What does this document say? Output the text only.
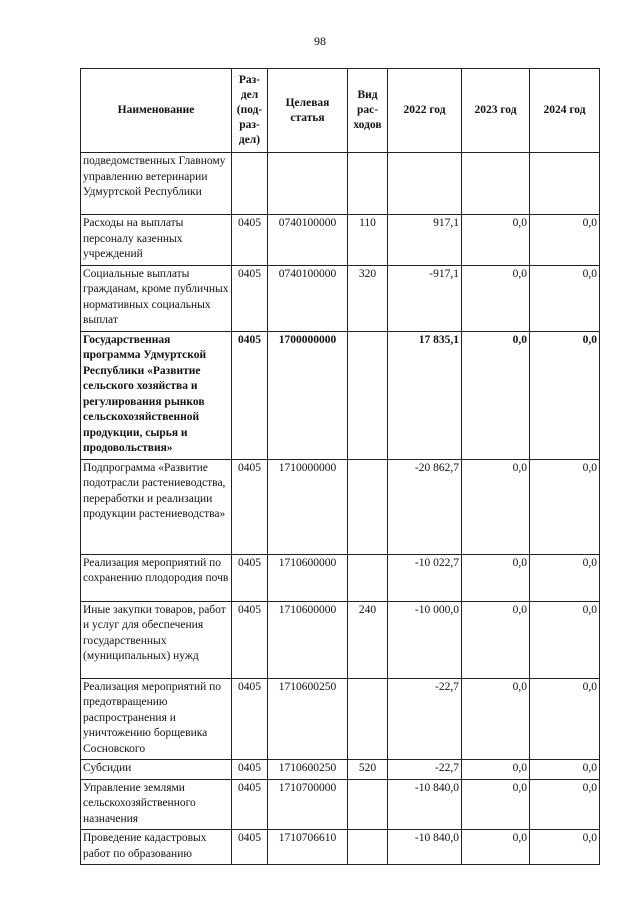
98
Наименование	Раз-дел (под-раз-дел)	Целевая статья	Вид рас-ходов	2022 год	2023 год	2024 год
подведомственных Главному управлению ветеринарии Удмуртской Республики						
Расходы на выплаты персоналу казенных учреждений	0405	0740100000	110	917,1	0,0	0,0
Социальные выплаты гражданам, кроме публичных нормативных социальных выплат	0405	0740100000	320	-917,1	0,0	0,0
Государственная программа Удмуртской Республики «Развитие сельского хозяйства и регулирования рынков сельскохозяйственной продукции, сырья и продовольствия»	0405	1700000000		17 835,1	0,0	0,0
Подпрограмма «Развитие подотрасли растениеводства, переработки и реализации продукции растениеводства»	0405	1710000000		-20 862,7	0,0	0,0
Реализация мероприятий по сохранению плодородия почв	0405	1710600000		-10 022,7	0,0	0,0
Иные закупки товаров, работ и услуг для обеспечения государственных (муниципальных) нужд	0405	1710600000	240	-10 000,0	0,0	0,0
Реализация мероприятий по предотвращению распространения и уничтожению борщевика Сосновского	0405	1710600250		-22,7	0,0	0,0
Субсидии	0405	1710600250	520	-22,7	0,0	0,0
Управление землями сельскохозяйственного назначения	0405	1710700000		-10 840,0	0,0	0,0
Проведение кадастровых работ по образованию	0405	1710706610		-10 840,0	0,0	0,0
